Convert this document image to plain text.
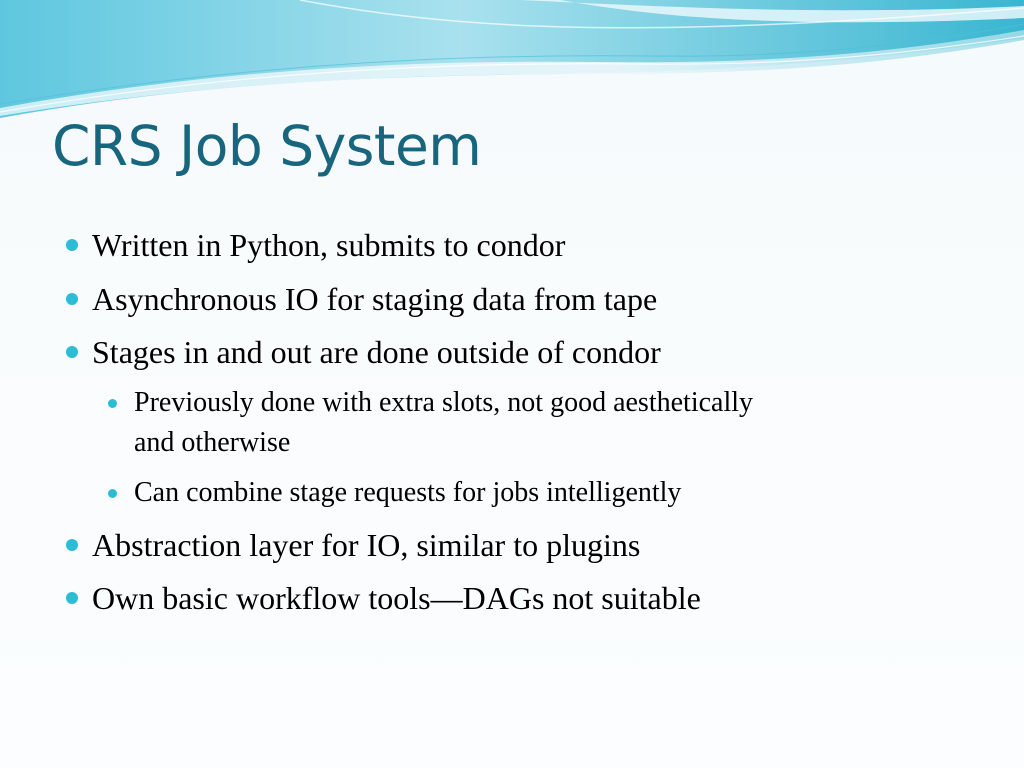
CRS Job System
Written in Python, submits to condor
Asynchronous IO for staging data from tape
Stages in and out are done outside of condor
Previously done with extra slots, not good aesthetically
and otherwise
Can combine stage requests for jobs intelligently
Abstraction layer for IO, similar to plugins
Own basic workflow tools—DAGs not suitable
